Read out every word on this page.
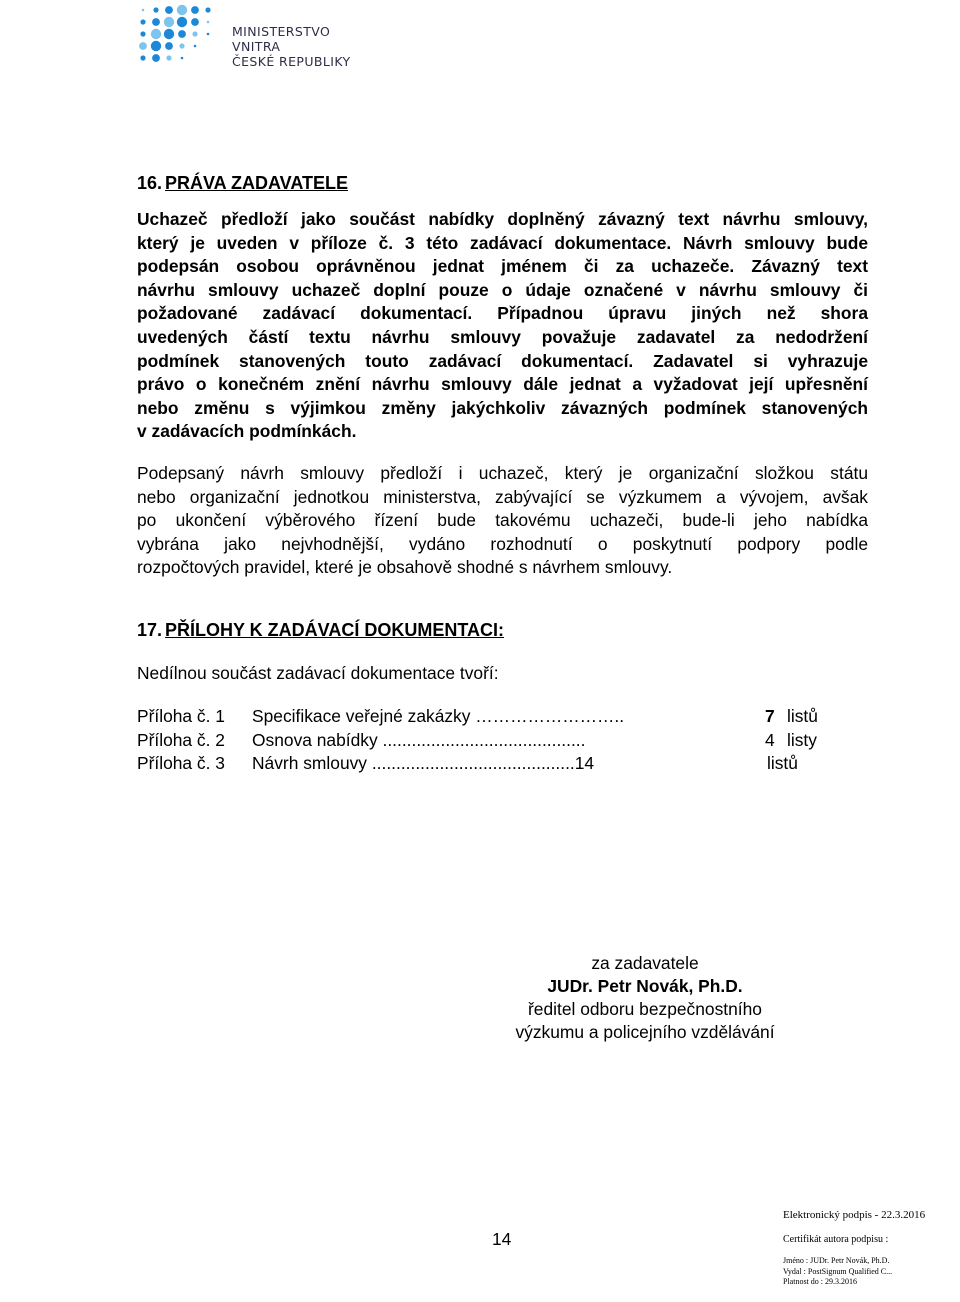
MINISTERSTVO VNITRA
ČESKÉ REPUBLIKY
16. PRÁVA ZADAVATELE
Uchazeč předloží jako součást nabídky doplněný závazný text návrhu smlouvy,
který je uveden v příloze č. 3 této zadávací dokumentace. Návrh smlouvy bude
podepsán osobou oprávněnou jednat jménem či za uchazeče. Závazný text
návrhu smlouvy uchazeč doplní pouze o údaje označené v návrhu smlouvy či
požadované zadávací dokumentací. Případnou úpravu jiných než shora
uvedených částí textu návrhu smlouvy považuje zadavatel za nedodržení
podmínek stanovených touto zadávací dokumentací. Zadavatel si vyhrazuje
právo o konečném znění návrhu smlouvy dále jednat a vyžadovat její upřesnění
nebo změnu s výjimkou změny jakýchkoliv závazných podmínek stanovených
v zadávacích podmínkách.
Podepsaný návrh smlouvy předloží i uchazeč, který je organizační složkou státu
nebo organizační jednotkou ministerstva, zabývající se výzkumem a vývojem, avšak
po ukončení výběrového řízení bude takovému uchazeči, bude-li jeho nabídka
vybrána jako nejvhodnější, vydáno rozhodnutí o poskytnutí podpory podle
rozpočtových pravidel, které je obsahově shodné s návrhem smlouvy.
17. PŘÍLOHY K ZADÁVACÍ DOKUMENTACI:
Nedílnou součást zadávací dokumentace tvoří:
Příloha č. 1 Specifikace veřejné zakázky ……………………..	7 listů
Příloha č. 2 Osnova nabídky ..........................................	4 listy
Příloha č. 3 Návrh smlouvy ..........................................14	listů
za zadavatele
JUDr. Petr Novák, Ph.D.
ředitel odboru bezpečnostního
výzkumu a policejního vzdělávání
14
Elektronický podpis - 22.3.2016
Certifikát autora podpisu :
Jméno : JUDr. Petr Novák, Ph.D.
Vydal : PostSignum Qualified C...
Platnost do : 29.3.2016
